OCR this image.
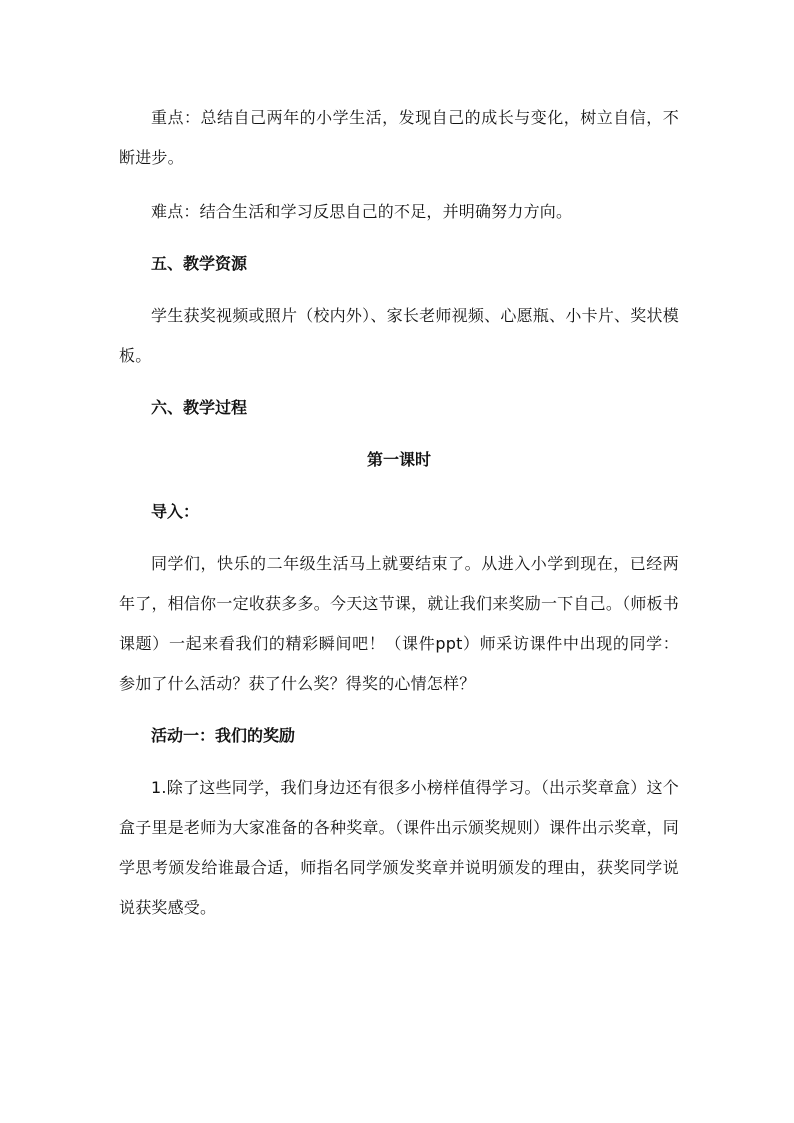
重点：总结自己两年的小学生活，发现自己的成长与变化，树立自信，不断进步。

难点：结合生活和学习反思自己的不足，并明确努力方向。

五、教学资源

学生获奖视频或照片（校内外）、家长老师视频、心愿瓶、小卡片、奖状模板。

六、教学过程

第一课时

导入：

同学们，快乐的二年级生活马上就要结束了。从进入小学到现在，已经两年了，相信你一定收获多多。今天这节课，就让我们来奖励一下自己。（师板书课题）一起来看我们的精彩瞬间吧！（课件ppt）师采访课件中出现的同学：参加了什么活动？获了什么奖？得奖的心情怎样？

活动一：我们的奖励

1.除了这些同学，我们身边还有很多小榜样值得学习。（出示奖章盒）这个盒子里是老师为大家准备的各种奖章。（课件出示颁奖规则）课件出示奖章，同学思考颁发给谁最合适，师指名同学颁发奖章并说明颁发的理由，获奖同学说说获奖感受。
